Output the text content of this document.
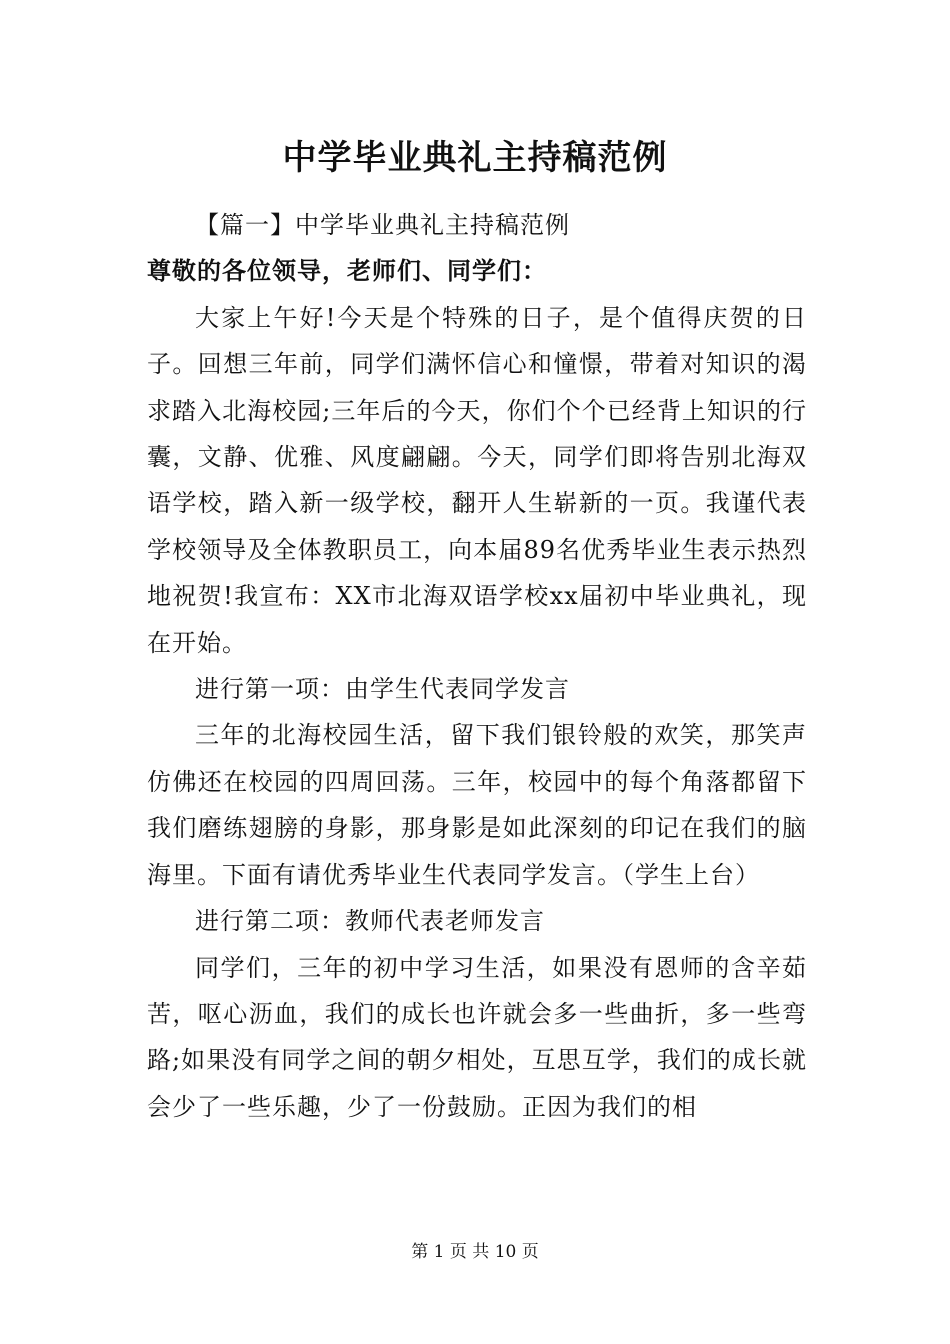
中学毕业典礼主持稿范例

【篇一】中学毕业典礼主持稿范例

尊敬的各位领导，老师们、同学们：

大家上午好!今天是个特殊的日子，是个值得庆贺的日子。回想三年前，同学们满怀信心和憧憬，带着对知识的渴求踏入北海校园;三年后的今天，你们个个已经背上知识的行囊，文静、优雅、风度翩翩。今天，同学们即将告别北海双语学校，踏入新一级学校，翻开人生崭新的一页。我谨代表学校领导及全体教职员工，向本届89名优秀毕业生表示热烈地祝贺!我宣布：XX市北海双语学校xx届初中毕业典礼，现在开始。

进行第一项：由学生代表同学发言

三年的北海校园生活，留下我们银铃般的欢笑，那笑声仿佛还在校园的四周回荡。三年，校园中的每个角落都留下我们磨练翅膀的身影，那身影是如此深刻的印记在我们的脑海里。下面有请优秀毕业生代表同学发言。（学生上台）

进行第二项：教师代表老师发言

同学们，三年的初中学习生活，如果没有恩师的含辛茹苦，呕心沥血，我们的成长也许就会多一些曲折，多一些弯路;如果没有同学之间的朝夕相处，互思互学，我们的成长就会少了一些乐趣，少了一份鼓励。正因为我们的相

第 1 页 共 10 页
